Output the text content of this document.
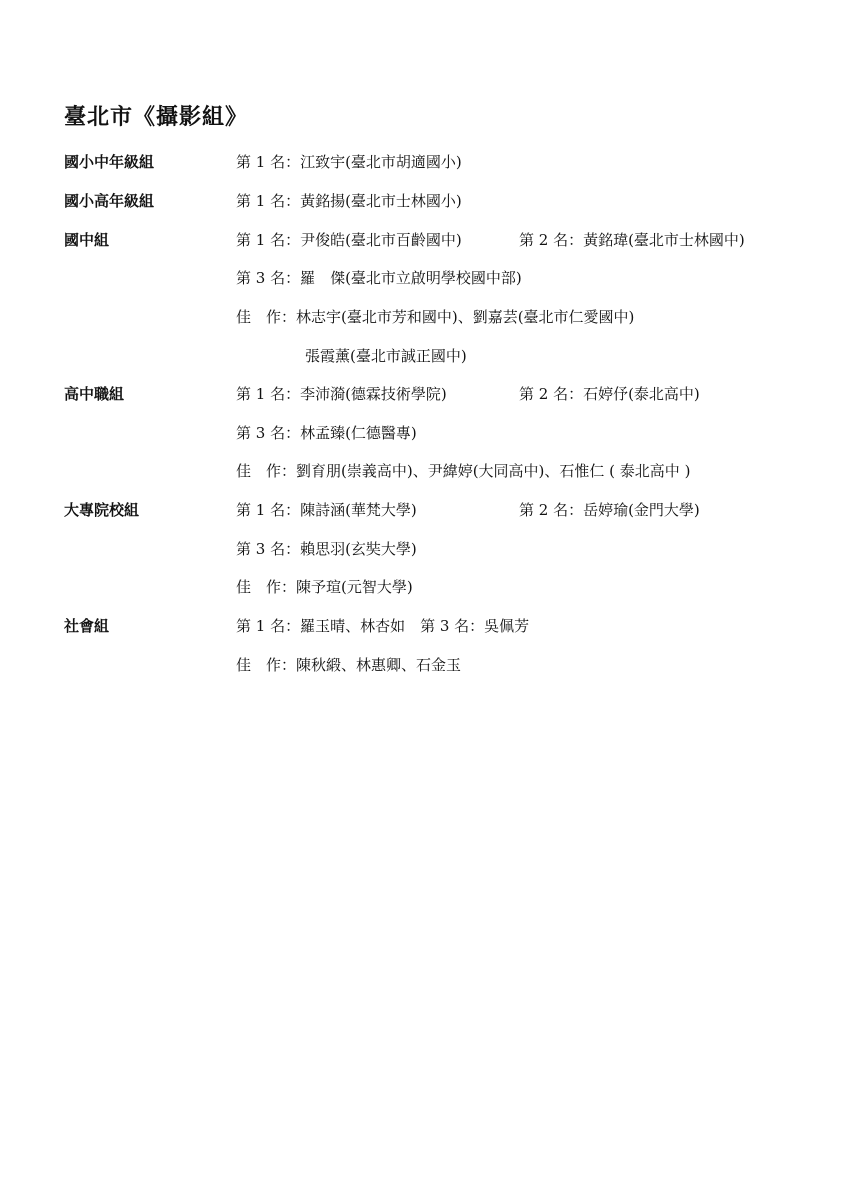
臺北市《攝影組》
國小中年級組	第 1 名：江致宇(臺北市胡適國小)
國小高年級組	第 1 名：黃銘揚(臺北市士林國小)
國中組	第 1 名：尹俊皓(臺北市百齡國中)	第 2 名：黃銘瑋(臺北市士林國中)
第 3 名：羅　傑(臺北市立啟明學校國中部)
佳　作：林志宇(臺北市芳和國中)、劉嘉芸(臺北市仁愛國中)
張霞薰(臺北市誠正國中)
高中職組	第 1 名：李沛漪(德霖技術學院)	第 2 名：石婷伃(泰北高中)
第 3 名：林孟臻(仁德醫專)
佳　作：劉育朋(崇義高中)、尹緯婷(大同高中)、石惟仁 ( 泰北高中 )
大專院校組	第 1 名：陳詩涵(華梵大學)	第 2 名：岳婷瑜(金門大學)
第 3 名：賴思羽(玄奘大學)
佳　作：陳予瑄(元智大學)
社會組	第 1 名：羅玉晴、林杏如　第 3 名：吳佩芳
佳　作：陳秋緞、林惠卿、石金玉
